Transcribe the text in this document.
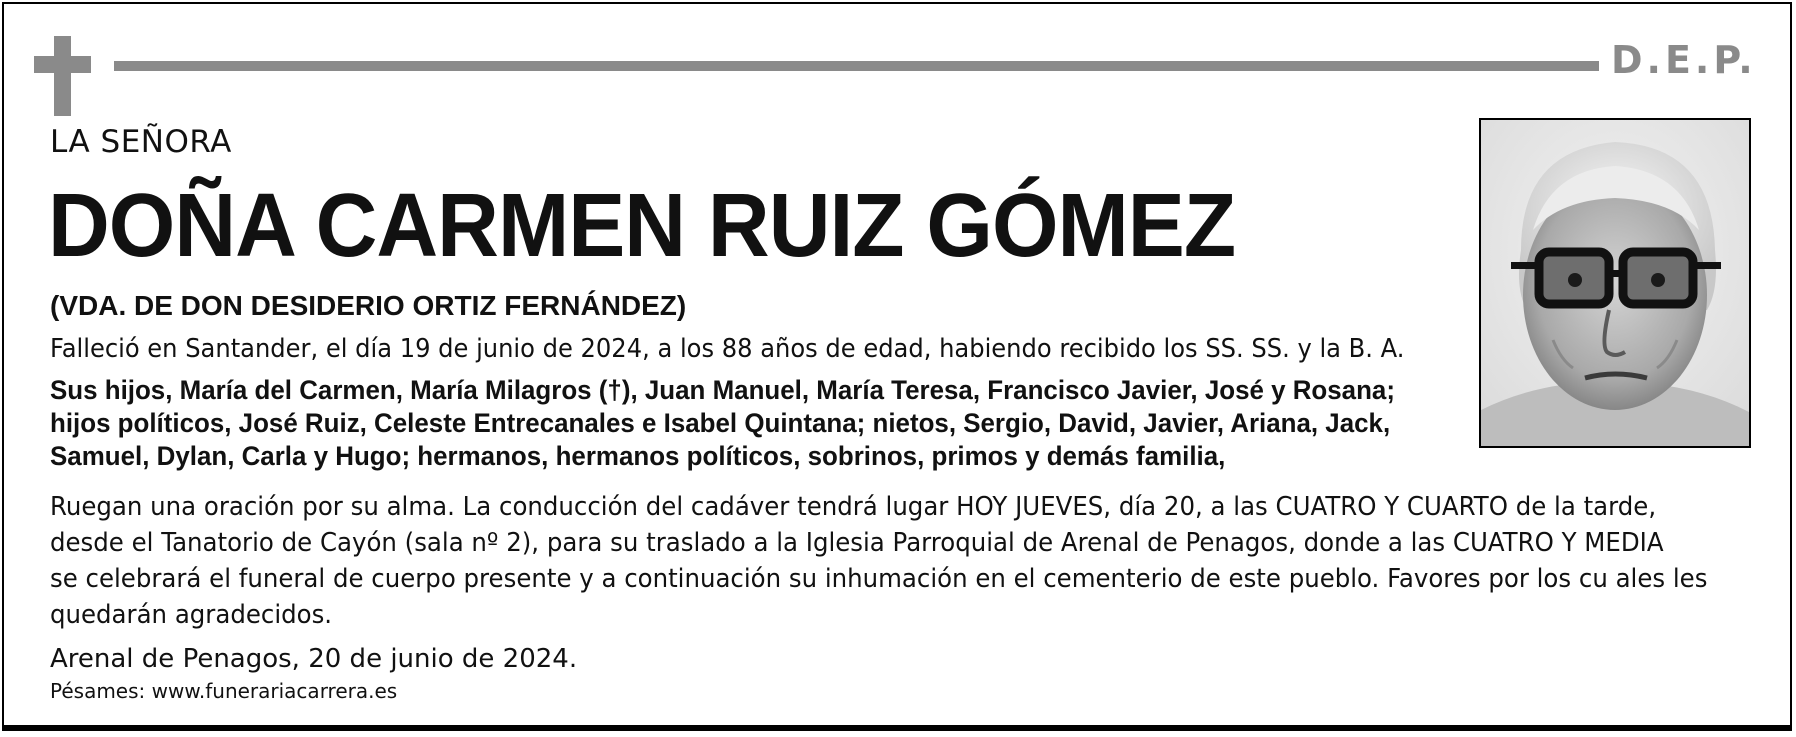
D.E.P.
LA SEÑORA
DOÑA CARMEN RUIZ GÓMEZ
(VDA. DE DON DESIDERIO ORTIZ FERNÁNDEZ)
Falleció en Santander, el día 19 de junio de 2024, a los 88 años de edad, habiendo recibido los SS. SS. y la B. A.
Sus hijos, María del Carmen, María Milagros (†), Juan Manuel, María Teresa, Francisco Javier, José y Rosana;
hijos políticos, José Ruiz, Celeste Entrecanales e Isabel Quintana; nietos, Sergio, David, Javier, Ariana, Jack,
Samuel, Dylan, Carla y Hugo; hermanos, hermanos políticos, sobrinos, primos y demás familia,
Ruegan una oración por su alma. La conducción del cadáver tendrá lugar HOY JUEVES, día 20, a las CUATRO Y CUARTO de la tarde,
desde el Tanatorio de Cayón (sala nº 2), para su traslado a la Iglesia Parroquial de Arenal de Penagos, donde a las CUATRO Y MEDIA
se celebrará el funeral de cuerpo presente y a continuación su inhumación en el cementerio de este pueblo. Favores por los cu ales les
quedarán agradecidos.
Arenal de Penagos, 20 de junio de 2024.
Pésames: www.funerariacarrera.es
